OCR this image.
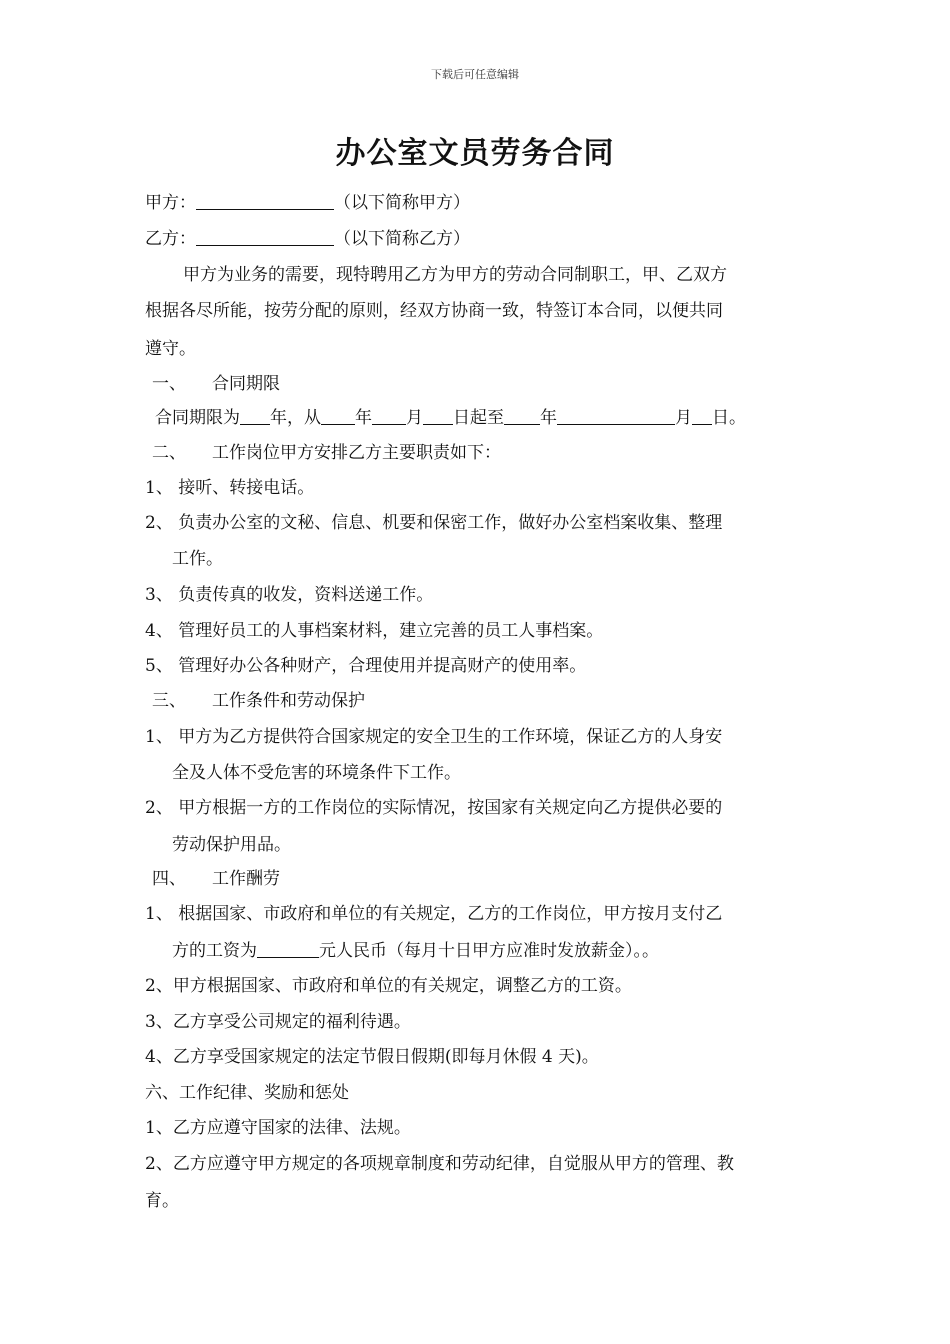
下载后可任意编辑
办公室文员劳务合同
甲方：	（以下简称甲方）
乙方：	（以下简称乙方）
甲方为业务的需要，现特聘用乙方为甲方的劳动合同制职工，甲、乙双方
根据各尽所能，按劳分配的原则，经双方协商一致，特签订本合同，以便共同
遵守。
一、 合同期限
合同期限为 年，从 年 月 日起至 年	月 日。
二、 工作岗位甲方安排乙方主要职责如下：
1、 接听、转接电话。
2、 负责办公室的文秘、信息、机要和保密工作，做好办公室档案收集、整理
工作。
3、 负责传真的收发，资料送递工作。
4、 管理好员工的人事档案材料，建立完善的员工人事档案。
5、 管理好办公各种财产，合理使用并提高财产的使用率。
三、 工作条件和劳动保护
1、 甲方为乙方提供符合国家规定的安全卫生的工作环境，保证乙方的人身安
全及人体不受危害的环境条件下工作。
2、 甲方根据一方的工作岗位的实际情况，按国家有关规定向乙方提供必要的
劳动保护用品。
四、 工作酬劳
1、 根据国家、市政府和单位的有关规定，乙方的工作岗位，甲方按月支付乙
方的工资为	元人民币（每月十日甲方应准时发放薪金）。。
2、甲方根据国家、市政府和单位的有关规定，调整乙方的工资。
3、乙方享受公司规定的福利待遇。
4、乙方享受国家规定的法定节假日假期(即每月休假 4 天)。
六、工作纪律、奖励和惩处
1、乙方应遵守国家的法律、法规。
2、乙方应遵守甲方规定的各项规章制度和劳动纪律，自觉服从甲方的管理、教
育。
